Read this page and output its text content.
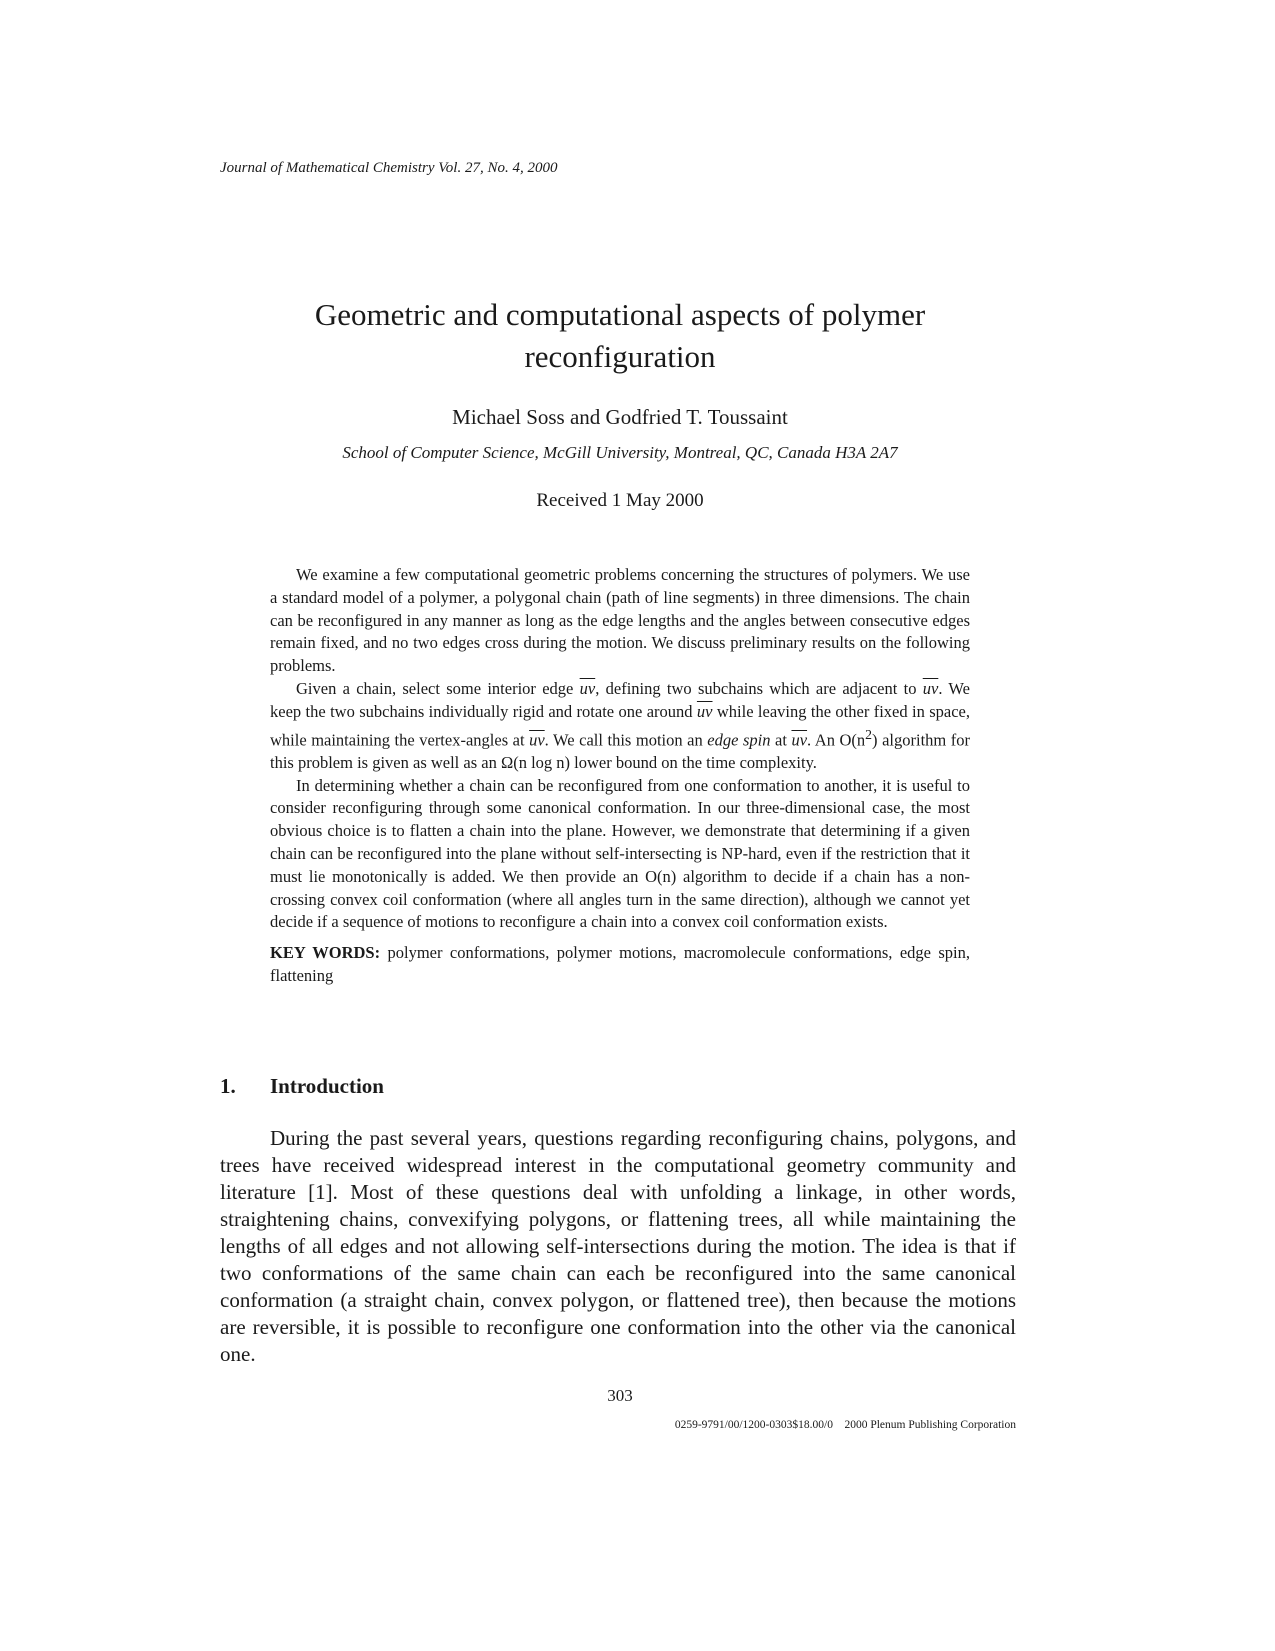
Journal of Mathematical Chemistry Vol. 27, No. 4, 2000
Geometric and computational aspects of polymer
reconfiguration
Michael Soss and Godfried T. Toussaint
School of Computer Science, McGill University, Montreal, QC, Canada H3A 2A7
Received 1 May 2000

We examine a few computational geometric problems concerning the structures of polymers. We use a standard model of a polymer, a polygonal chain (path of line segments) in three dimensions. The chain can be reconfigured in any manner as long as the edge lengths and the angles between consecutive edges remain fixed, and no two edges cross during the motion. We discuss preliminary results on the following problems.

Given a chain, select some interior edge $\overline{uv}$, defining two subchains which are adjacent to $\overline{uv}$. We keep the two subchains individually rigid and rotate one around $\overline{uv}$ while leaving the other fixed in space, while maintaining the vertex-angles at $\overline{uv}$. We call this motion an edge spin at $\overline{uv}$. An $O(n^2)$ algorithm for this problem is given as well as an Ω(n log n) lower bound on the time complexity.

In determining whether a chain can be reconfigured from one conformation to another, it is useful to consider reconfiguring through some canonical conformation. In our three-dimensional case, the most obvious choice is to flatten a chain into the plane. However, we demonstrate that determining if a given chain can be reconfigured into the plane without self-intersecting is NP-hard, even if the restriction that it must lie monotonically is added. We then provide an O(n) algorithm to decide if a chain has a non-crossing convex coil conformation (where all angles turn in the same direction), although we cannot yet decide if a sequence of motions to reconfigure a chain into a convex coil conformation exists.

KEY WORDS: polymer conformations, polymer motions, macromolecule conformations, edge spin, flattening

1. Introduction

During the past several years, questions regarding reconfiguring chains, polygons, and trees have received widespread interest in the computational geometry community and literature [1]. Most of these questions deal with unfolding a linkage, in other words, straightening chains, convexifying polygons, or flattening trees, all while maintaining the lengths of all edges and not allowing self-intersections during the motion. The idea is that if two conformations of the same chain can each be reconfigured into the same canonical conformation (a straight chain, convex polygon, or flattened tree), then because the motions are reversible, it is possible to reconfigure one conformation into the other via the canonical one.

303
0259-9791/00/1200-0303$18.00/0    2000 Plenum Publishing Corporation
